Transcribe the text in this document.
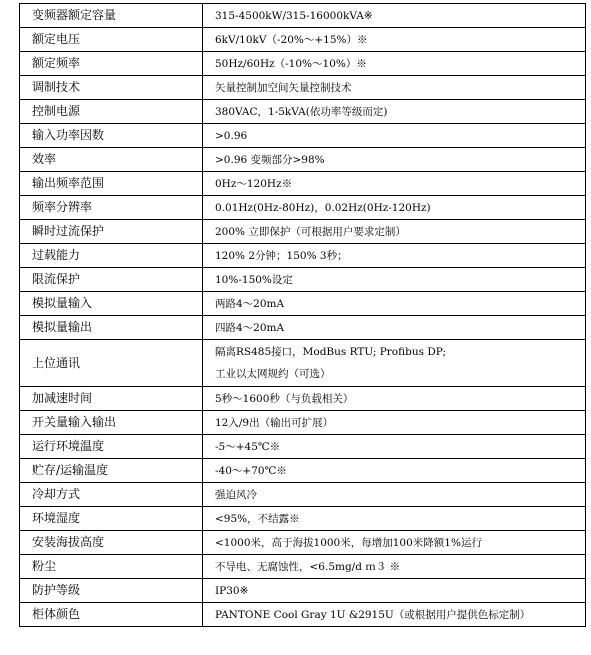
变频器额定容量	315-4500kW/315-16000kVA※

额定电压	6kV/10kV（-20%～+15%）※

额定频率	50Hz/60Hz（-10%～10%）※

调制技术	矢量控制加空间矢量控制技术

控制电源	380VAC，1-5kVA(依功率等级而定)

输入功率因数	>0.96

效率	>0.96 变频部分>98%

输出频率范围	0Hz～120Hz※

频率分辨率	0.01Hz(0Hz-80Hz)，0.02Hz(0Hz-120Hz)

瞬时过流保护	200% 立即保护（可根据用户要求定制）

过载能力	120% 2分钟；150% 3秒；

限流保护	10%-150%设定

模拟量输入	两路4～20mA

模拟量输出	四路4～20mA

上位通讯	隔离RS485接口，ModBus RTU; Profibus DP;
工业以太网规约（可选）

加减速时间	5秒～1600秒（与负载相关）

开关量输入输出	12入/9出（输出可扩展）

运行环境温度	-5～+45℃※

贮存/运输温度	-40～+70℃※

冷却方式	强迫风冷

环境湿度	<95%，不结露※

安装海拔高度	<1000米，高于海拔1000米，每增加100米降额1%运行

粉尘	不导电、无腐蚀性，<6.5mg/d ｍ３ ※

防护等级	IP30※

柜体颜色	PANTONE Cool Gray 1U &2915U（或根据用户提供色标定制）
